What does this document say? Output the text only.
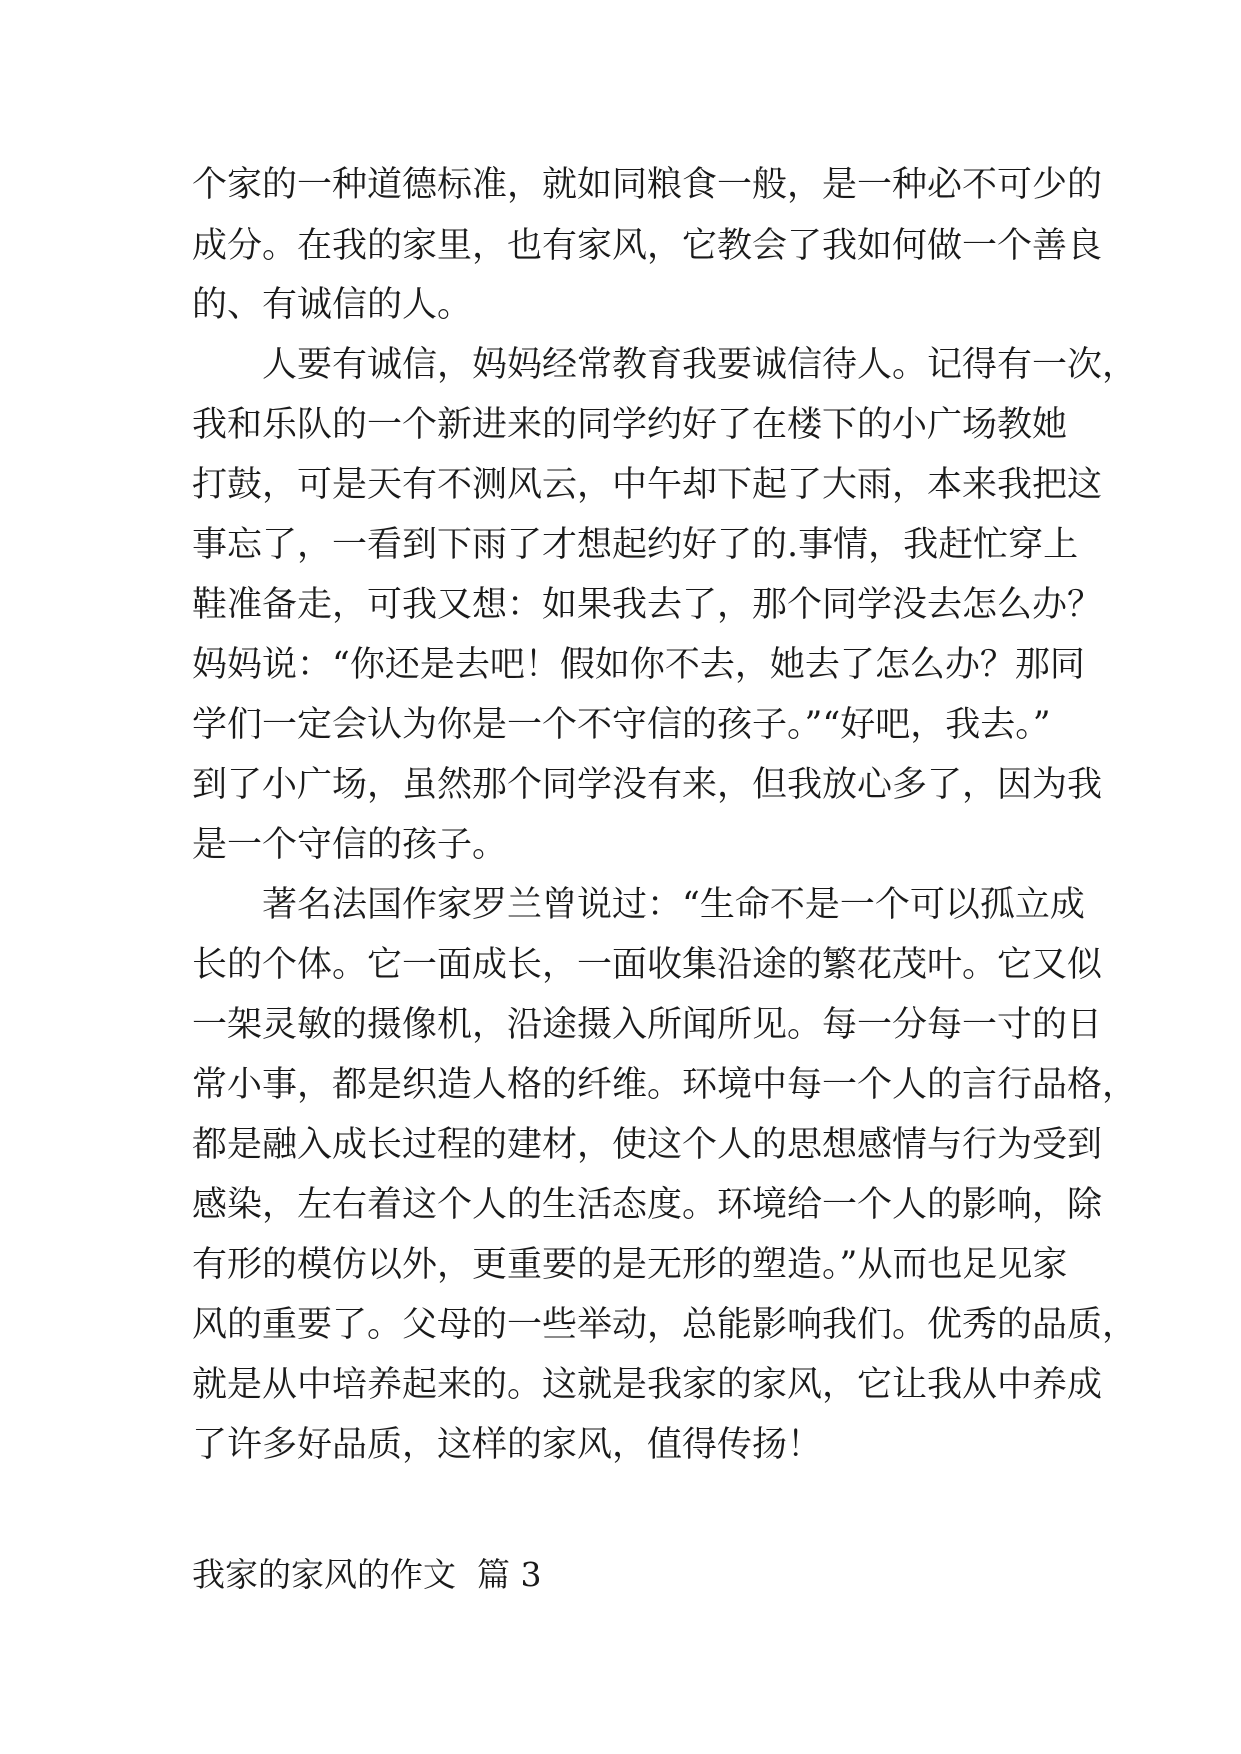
个家的一种道德标准，就如同粮食一般，是一种必不可少的
成分。在我的家里，也有家风，它教会了我如何做一个善良
的、有诚信的人。
人要有诚信，妈妈经常教育我要诚信待人。记得有一次，
我和乐队的一个新进来的同学约好了在楼下的小广场教她
打鼓，可是天有不测风云，中午却下起了大雨，本来我把这
事忘了，一看到下雨了才想起约好了的.事情，我赶忙穿上
鞋准备走，可我又想：如果我去了，那个同学没去怎么办？
妈妈说：“你还是去吧！假如你不去，她去了怎么办？那同
学们一定会认为你是一个不守信的孩子。”“好吧，我去。”
到了小广场，虽然那个同学没有来，但我放心多了，因为我
是一个守信的孩子。
著名法国作家罗兰曾说过：“生命不是一个可以孤立成
长的个体。它一面成长，一面收集沿途的繁花茂叶。它又似
一架灵敏的摄像机，沿途摄入所闻所见。每一分每一寸的日
常小事，都是织造人格的纤维。环境中每一个人的言行品格，
都是融入成长过程的建材，使这个人的思想感情与行为受到
感染，左右着这个人的生活态度。环境给一个人的影响，除
有形的模仿以外，更重要的是无形的塑造。”从而也足见家
风的重要了。父母的一些举动，总能影响我们。优秀的品质，
就是从中培养起来的。这就是我家的家风，它让我从中养成
了许多好品质，这样的家风，值得传扬！
我家的家风的作文  篇 3
